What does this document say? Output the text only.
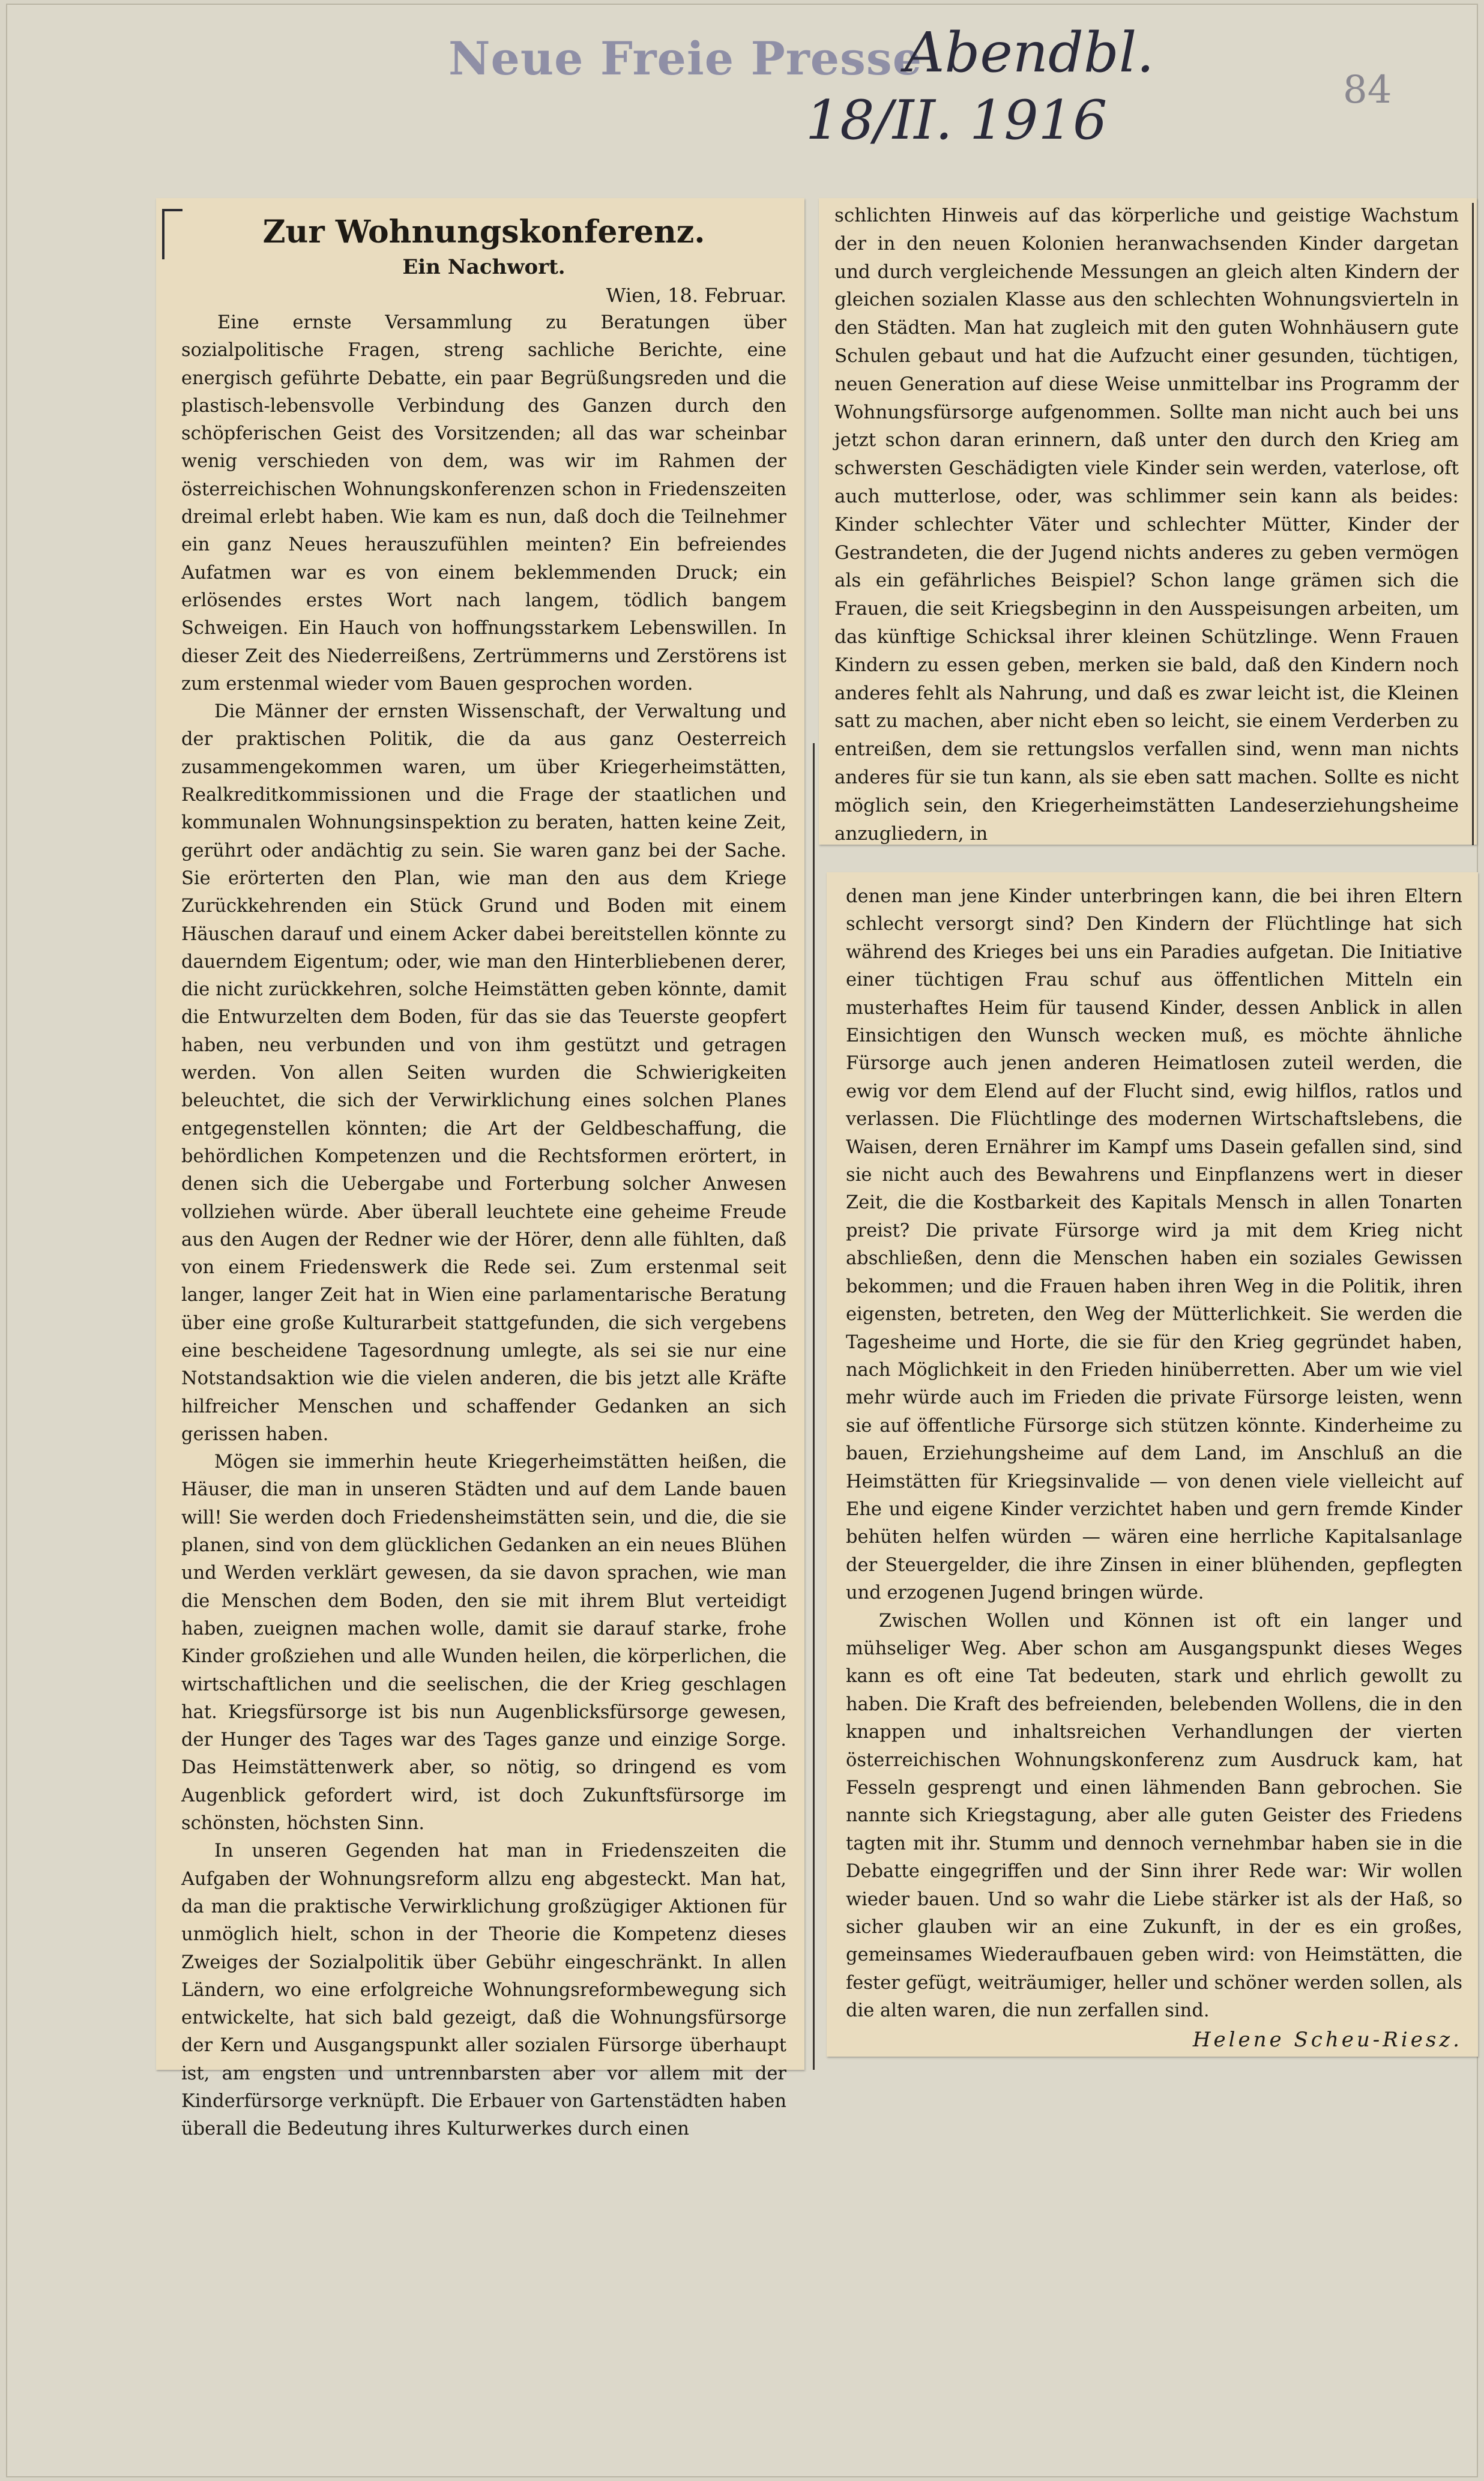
Neue Freie Presse
Abendbl.
18/II. 1916	84
Zur Wohnungskonferenz.
Ein Nachwort.
Wien, 18. Februar.

Eine ernste Versammlung zu Beratungen über sozialpolitische Fragen, streng sachliche Berichte, eine energisch geführte Debatte, ein paar Begrüßungsreden und die plastisch-lebensvolle Verbindung des Ganzen durch den schöpferischen Geist des Vorsitzenden; all das war scheinbar wenig verschieden von dem, was wir im Rahmen der österreichischen Wohnungskonferenzen schon in Friedenszeiten dreimal erlebt haben. Wie kam es nun, daß doch die Teilnehmer ein ganz Neues herauszufühlen meinten? Ein befreiendes Aufatmen war es von einem beklemmenden Druck; ein erlösendes erstes Wort nach langem, tödlich bangem Schweigen. Ein Hauch von hoffnungsstarkem Lebenswillen. In dieser Zeit des Niederreißens, Zertrümmerns und Zerstörens ist zum erstenmal wieder vom Bauen gesprochen worden.

Die Männer der ernsten Wissenschaft, der Verwaltung und der praktischen Politik, die da aus ganz Oesterreich zusammengekommen waren, um über Kriegerheimstätten, Realkreditkommissionen und die Frage der staatlichen und kommunalen Wohnungsinspektion zu beraten, hatten keine Zeit, gerührt oder andächtig zu sein. Sie waren ganz bei der Sache. Sie erörterten den Plan, wie man den aus dem Kriege Zurückkehrenden ein Stück Grund und Boden mit einem Häuschen darauf und einem Acker dabei bereitstellen könnte zu dauerndem Eigentum; oder, wie man den Hinterbliebenen derer, die nicht zurückkehren, solche Heimstätten geben könnte, damit die Entwurzelten dem Boden, für das sie das Teuerste geopfert haben, neu verbunden und von ihm gestützt und getragen werden. Von allen Seiten wurden die Schwierigkeiten beleuchtet, die sich der Verwirklichung eines solchen Planes entgegenstellen könnten; die Art der Geldbeschaffung, die behördlichen Kompetenzen und die Rechtsformen erörtert, in denen sich die Uebergabe und Forterbung solcher Anwesen vollziehen würde. Aber überall leuchtete eine geheime Freude aus den Augen der Redner wie der Hörer, denn alle fühlten, daß von einem Friedenswerk die Rede sei. Zum erstenmal seit langer, langer Zeit hat in Wien eine parlamentarische Beratung über eine große Kulturarbeit stattgefunden, die sich vergebens eine bescheidene Tagesordnung umlegte, als sei sie nur eine Notstandsaktion wie die vielen anderen, die bis jetzt alle Kräfte hilfreicher Menschen und schaffender Gedanken an sich gerissen haben.

Mögen sie immerhin heute Kriegerheimstätten heißen, die Häuser, die man in unseren Städten und auf dem Lande bauen will! Sie werden doch Friedensheimstätten sein, und die, die sie planen, sind von dem glücklichen Gedanken an ein neues Blühen und Werden verklärt gewesen, da sie davon sprachen, wie man die Menschen dem Boden, den sie mit ihrem Blut verteidigt haben, zueignen machen wolle, damit sie darauf starke, frohe Kinder großziehen und alle Wunden heilen, die körperlichen, die wirtschaftlichen und die seelischen, die der Krieg geschlagen hat. Kriegsfürsorge ist bis nun Augenblicksfürsorge gewesen, der Hunger des Tages war des Tages ganze und einzige Sorge. Das Heimstättenwerk aber, so nötig, so dringend es vom Augenblick gefordert wird, ist doch Zukunftsfürsorge im schönsten, höchsten Sinn.

In unseren Gegenden hat man in Friedenszeiten die Aufgaben der Wohnungsreform allzu eng abgesteckt. Man hat, da man die praktische Verwirklichung großzügiger Aktionen für unmöglich hielt, schon in der Theorie die Kompetenz dieses Zweiges der Sozialpolitik über Gebühr eingeschränkt. In allen Ländern, wo eine erfolgreiche Wohnungsreformbewegung sich entwickelte, hat sich bald gezeigt, daß die Wohnungsfürsorge der Kern und Ausgangspunkt aller sozialen Fürsorge überhaupt ist, am engsten und untrennbarsten aber vor allem mit der Kinderfürsorge verknüpft. Die Erbauer von Gartenstädten haben überall die Bedeutung ihres Kulturwerkes durch einen

schlichten Hinweis auf das körperliche und geistige Wachstum der in den neuen Kolonien heranwachsenden Kinder dargetan und durch vergleichende Messungen an gleich alten Kindern der gleichen sozialen Klasse aus den schlechten Wohnungsvierteln in den Städten. Man hat zugleich mit den guten Wohnhäusern gute Schulen gebaut und hat die Aufzucht einer gesunden, tüchtigen, neuen Generation auf diese Weise unmittelbar ins Programm der Wohnungsfürsorge aufgenommen. Sollte man nicht auch bei uns jetzt schon daran erinnern, daß unter den durch den Krieg am schwersten Geschädigten viele Kinder sein werden, vaterlose, oft auch mutterlose, oder, was schlimmer sein kann als beides: Kinder schlechter Väter und schlechter Mütter, Kinder der Gestrandeten, die der Jugend nichts anderes zu geben vermögen als ein gefährliches Beispiel? Schon lange grämen sich die Frauen, die seit Kriegsbeginn in den Ausspeisungen arbeiten, um das künftige Schicksal ihrer kleinen Schützlinge. Wenn Frauen Kindern zu essen geben, merken sie bald, daß den Kindern noch anderes fehlt als Nahrung, und daß es zwar leicht ist, die Kleinen satt zu machen, aber nicht eben so leicht, sie einem Verderben zu entreißen, dem sie rettungslos verfallen sind, wenn man nichts anderes für sie tun kann, als sie eben satt machen. Sollte es nicht möglich sein, den Kriegerheimstätten Landeserziehungsheime anzugliedern, in

denen man jene Kinder unterbringen kann, die bei ihren Eltern schlecht versorgt sind? Den Kindern der Flüchtlinge hat sich während des Krieges bei uns ein Paradies aufgetan. Die Initiative einer tüchtigen Frau schuf aus öffentlichen Mitteln ein musterhaftes Heim für tausend Kinder, dessen Anblick in allen Einsichtigen den Wunsch wecken muß, es möchte ähnliche Fürsorge auch jenen anderen Heimatlosen zuteil werden, die ewig vor dem Elend auf der Flucht sind, ewig hilflos, ratlos und verlassen. Die Flüchtlinge des modernen Wirtschaftslebens, die Waisen, deren Ernährer im Kampf ums Dasein gefallen sind, sind sie nicht auch des Bewahrens und Einpflanzens wert in dieser Zeit, die die Kostbarkeit des Kapitals Mensch in allen Tonarten preist? Die private Fürsorge wird ja mit dem Krieg nicht abschließen, denn die Menschen haben ein soziales Gewissen bekommen; und die Frauen haben ihren Weg in die Politik, ihren eigensten, betreten, den Weg der Mütterlichkeit. Sie werden die Tagesheime und Horte, die sie für den Krieg gegründet haben, nach Möglichkeit in den Frieden hinüberretten. Aber um wie viel mehr würde auch im Frieden die private Fürsorge leisten, wenn sie auf öffentliche Fürsorge sich stützen könnte. Kinderheime zu bauen, Erziehungsheime auf dem Land, im Anschluß an die Heimstätten für Kriegsinvalide — von denen viele vielleicht auf Ehe und eigene Kinder verzichtet haben und gern fremde Kinder behüten helfen würden — wären eine herrliche Kapitalsanlage der Steuergelder, die ihre Zinsen in einer blühenden, gepflegten und erzogenen Jugend bringen würde.

Zwischen Wollen und Können ist oft ein langer und mühseliger Weg. Aber schon am Ausgangspunkt dieses Weges kann es oft eine Tat bedeuten, stark und ehrlich gewollt zu haben. Die Kraft des befreienden, belebenden Wollens, die in den knappen und inhaltsreichen Verhandlungen der vierten österreichischen Wohnungskonferenz zum Ausdruck kam, hat Fesseln gesprengt und einen lähmenden Bann gebrochen. Sie nannte sich Kriegstagung, aber alle guten Geister des Friedens tagten mit ihr. Stumm und dennoch vernehmbar haben sie in die Debatte eingegriffen und der Sinn ihrer Rede war: Wir wollen wieder bauen. Und so wahr die Liebe stärker ist als der Haß, so sicher glauben wir an eine Zukunft, in der es ein großes, gemeinsames Wiederaufbauen geben wird: von Heimstätten, die fester gefügt, weiträumiger, heller und schöner werden sollen, als die alten waren, die nun zerfallen sind.

Helene Scheu-Riesz.
